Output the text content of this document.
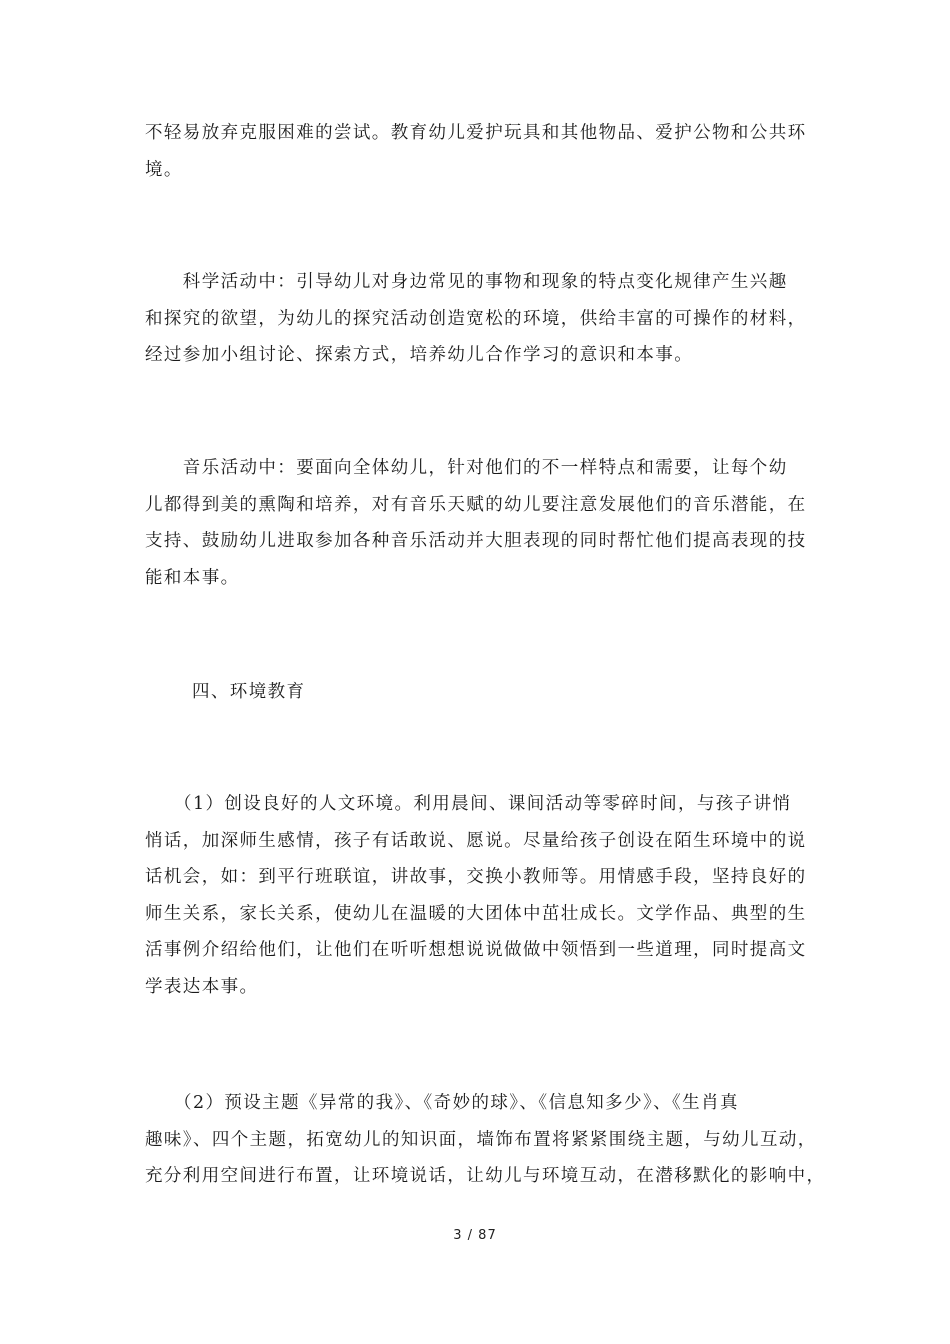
不轻易放弃克服困难的尝试。教育幼儿爱护玩具和其他物品、爱护公物和公共环
境。
　　科学活动中：引导幼儿对身边常见的事物和现象的特点变化规律产生兴趣
和探究的欲望，为幼儿的探究活动创造宽松的环境，供给丰富的可操作的材料，
经过参加小组讨论、探索方式，培养幼儿合作学习的意识和本事。
　　音乐活动中：要面向全体幼儿，针对他们的不一样特点和需要，让每个幼
儿都得到美的熏陶和培养，对有音乐天赋的幼儿要注意发展他们的音乐潜能，在
支持、鼓励幼儿进取参加各种音乐活动并大胆表现的同时帮忙他们提高表现的技
能和本事。

四、环境教育

　　（1）创设良好的人文环境。利用晨间、课间活动等零碎时间，与孩子讲悄
悄话，加深师生感情，孩子有话敢说、愿说。尽量给孩子创设在陌生环境中的说
话机会，如：到平行班联谊，讲故事，交换小教师等。用情感手段，坚持良好的
师生关系，家长关系，使幼儿在温暖的大团体中茁壮成长。文学作品、典型的生
活事例介绍给他们，让他们在听听想想说说做做中领悟到一些道理，同时提高文
学表达本事。
　　（2）预设主题《异常的我》、《奇妙的球》、《信息知多少》、《生肖真
趣味》、四个主题，拓宽幼儿的知识面，墙饰布置将紧紧围绕主题，与幼儿互动，
充分利用空间进行布置，让环境说话，让幼儿与环境互动，在潜移默化的影响中，
3 / 87
